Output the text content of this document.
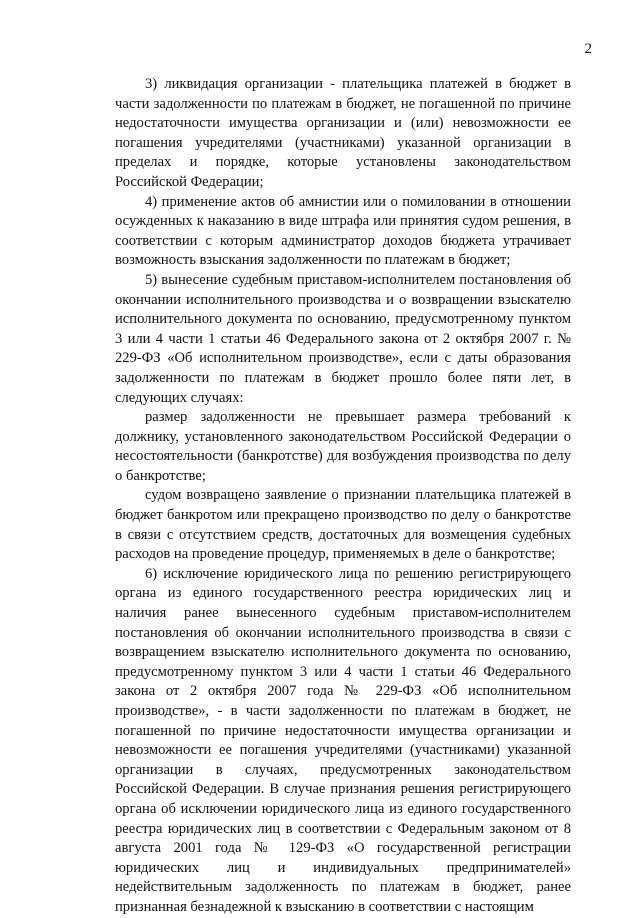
2

3) ликвидация организации - плательщика платежей в бюджет в части задолженности по платежам в бюджет, не погашенной по причине недостаточности имущества организации и (или) невозможности ее погашения учредителями (участниками) указанной организации в пределах и порядке, которые установлены законодательством Российской Федерации;

4) применение актов об амнистии или о помиловании в отношении осужденных к наказанию в виде штрафа или принятия судом решения, в соответствии с которым администратор доходов бюджета утрачивает возможность взыскания задолженности по платежам в бюджет;

5) вынесение судебным приставом-исполнителем постановления об окончании исполнительного производства и о возвращении взыскателю исполнительного документа по основанию, предусмотренному пунктом 3 или 4 части 1 статьи 46 Федерального закона от 2 октября 2007 г. № 229-ФЗ «Об исполнительном производстве», если с даты образования задолженности по платежам в бюджет прошло более пяти лет, в следующих случаях:

размер задолженности не превышает размера требований к должнику, установленного законодательством Российской Федерации о несостоятельности (банкротстве) для возбуждения производства по делу о банкротстве;

судом возвращено заявление о признании плательщика платежей в бюджет банкротом или прекращено производство по делу о банкротстве в связи с отсутствием средств, достаточных для возмещения судебных расходов на проведение процедур, применяемых в деле о банкротстве;

6) исключение юридического лица по решению регистрирующего органа из единого государственного реестра юридических лиц и наличия ранее вынесенного судебным приставом-исполнителем постановления об окончании исполнительного производства в связи с возвращением взыскателю исполнительного документа по основанию, предусмотренному пунктом 3 или 4 части 1 статьи 46 Федерального закона от 2 октября 2007 года № 229-ФЗ «Об исполнительном производстве», - в части задолженности по платежам в бюджет, не погашенной по причине недостаточности имущества организации и невозможности ее погашения учредителями (участниками) указанной организации в случаях, предусмотренных законодательством Российской Федерации. В случае признания решения регистрирующего органа об исключении юридического лица из единого государственного реестра юридических лиц в соответствии с Федеральным законом от 8 августа 2001 года № 129-ФЗ «О государственной регистрации юридических лиц и индивидуальных предпринимателей» недействительным задолженность по платежам в бюджет, ранее признанная безнадежной к взысканию в соответствии с настоящим
